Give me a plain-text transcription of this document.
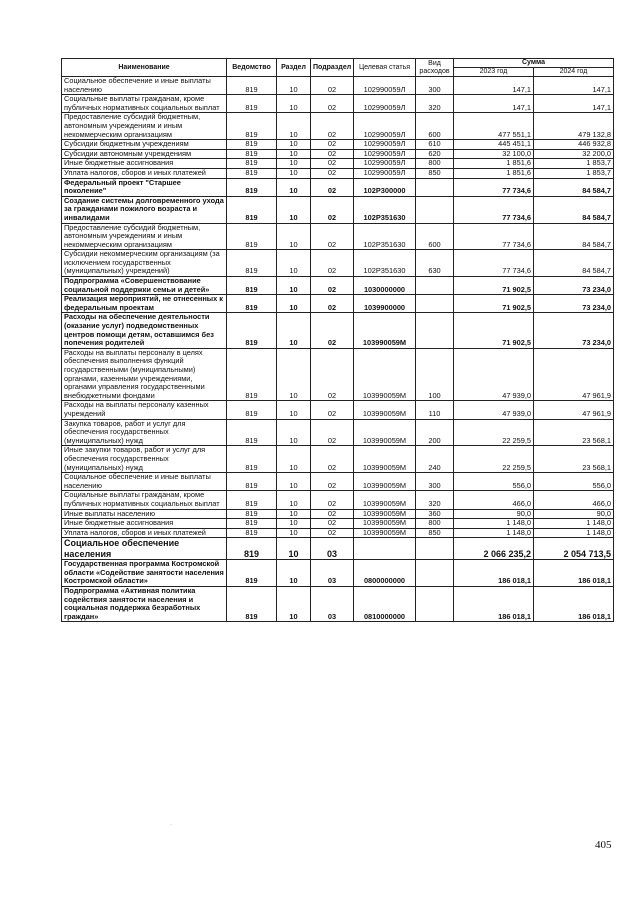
Наименование	Ведомство	Раздел	Подраздел	Целевая статья	Вид расходов	Сумма	
						2023 год	2024 год
Социальное обеспечение и иные выплаты населению	819	10	02	102990059Л	300	147,1	147,1
Социальные выплаты гражданам, кроме публичных нормативных социальных выплат	819	10	02	102990059Л	320	147,1	147,1
Предоставление субсидий бюджетным, автономным учреждениям и иным некоммерческим организациям	819	10	02	102990059Л	600	477 551,1	479 132,8
Субсидии бюджетным учреждениям	819	10	02	102990059Л	610	445 451,1	446 932,8
Субсидии автономным учреждениям	819	10	02	102990059Л	620	32 100,0	32 200,0
Иные бюджетные ассигнования	819	10	02	102990059Л	800	1 851,6	1 853,7
Уплата налогов, сборов и иных платежей	819	10	02	102990059Л	850	1 851,6	1 853,7
Федеральный проект "Старшее поколение"	819	10	02	102P300000		77 734,6	84 584,7
Создание системы долговременного ухода за гражданами пожилого возраста и инвалидами	819	10	02	102P351630		77 734,6	84 584,7
Предоставление субсидий бюджетным, автономным учреждениям и иным некоммерческим организациям	819	10	02	102P351630	600	77 734,6	84 584,7
Субсидии некоммерческим организациям (за исключением государственных (муниципальных) учреждений)	819	10	02	102P351630	630	77 734,6	84 584,7
Подпрограмма «Совершенствование социальной поддержки семьи и детей»	819	10	02	1030000000		71 902,5	73 234,0
Реализация мероприятий, не отнесенных к федеральным проектам	819	10	02	1039900000		71 902,5	73 234,0
Расходы на обеспечение деятельности (оказание услуг) подведомственных центров помощи детям, оставшимся без попечения родителей	819	10	02	103990059М		71 902,5	73 234,0
Расходы на выплаты персоналу в целях обеспечения выполнения функций государственными (муниципальными) органами, казенными учреждениями, органами управления государственными внебюджетными фондами	819	10	02	103990059М	100	47 939,0	47 961,9
Расходы на выплаты персоналу казенных учреждений	819	10	02	103990059М	110	47 939,0	47 961,9
Закупка товаров, работ и услуг для обеспечения государственных (муниципальных) нужд	819	10	02	103990059М	200	22 259,5	23 568,1
Иные закупки товаров, работ и услуг для обеспечения государственных (муниципальных) нужд	819	10	02	103990059М	240	22 259,5	23 568,1
Социальное обеспечение и иные выплаты населению	819	10	02	103990059М	300	556,0	556,0
Социальные выплаты гражданам, кроме публичных нормативных социальных выплат	819	10	02	103990059М	320	466,0	466,0
Иные выплаты населению	819	10	02	103990059М	360	90,0	90,0
Иные бюджетные ассигнования	819	10	02	103990059М	800	1 148,0	1 148,0
Уплата налогов, сборов и иных платежей	819	10	02	103990059М	850	1 148,0	1 148,0
Социальное обеспечение населения	819	10	03			2 066 235,2	2 054 713,5
Государственная программа Костромской области «Содействие занятости населения Костромской области»	819	10	03	0800000000		186 018,1	186 018,1
Подпрограмма «Активная политика содействия занятости населения и социальная поддержка безработных граждан»	819	10	03	0810000000		186 018,1	186 018,1
·
405
